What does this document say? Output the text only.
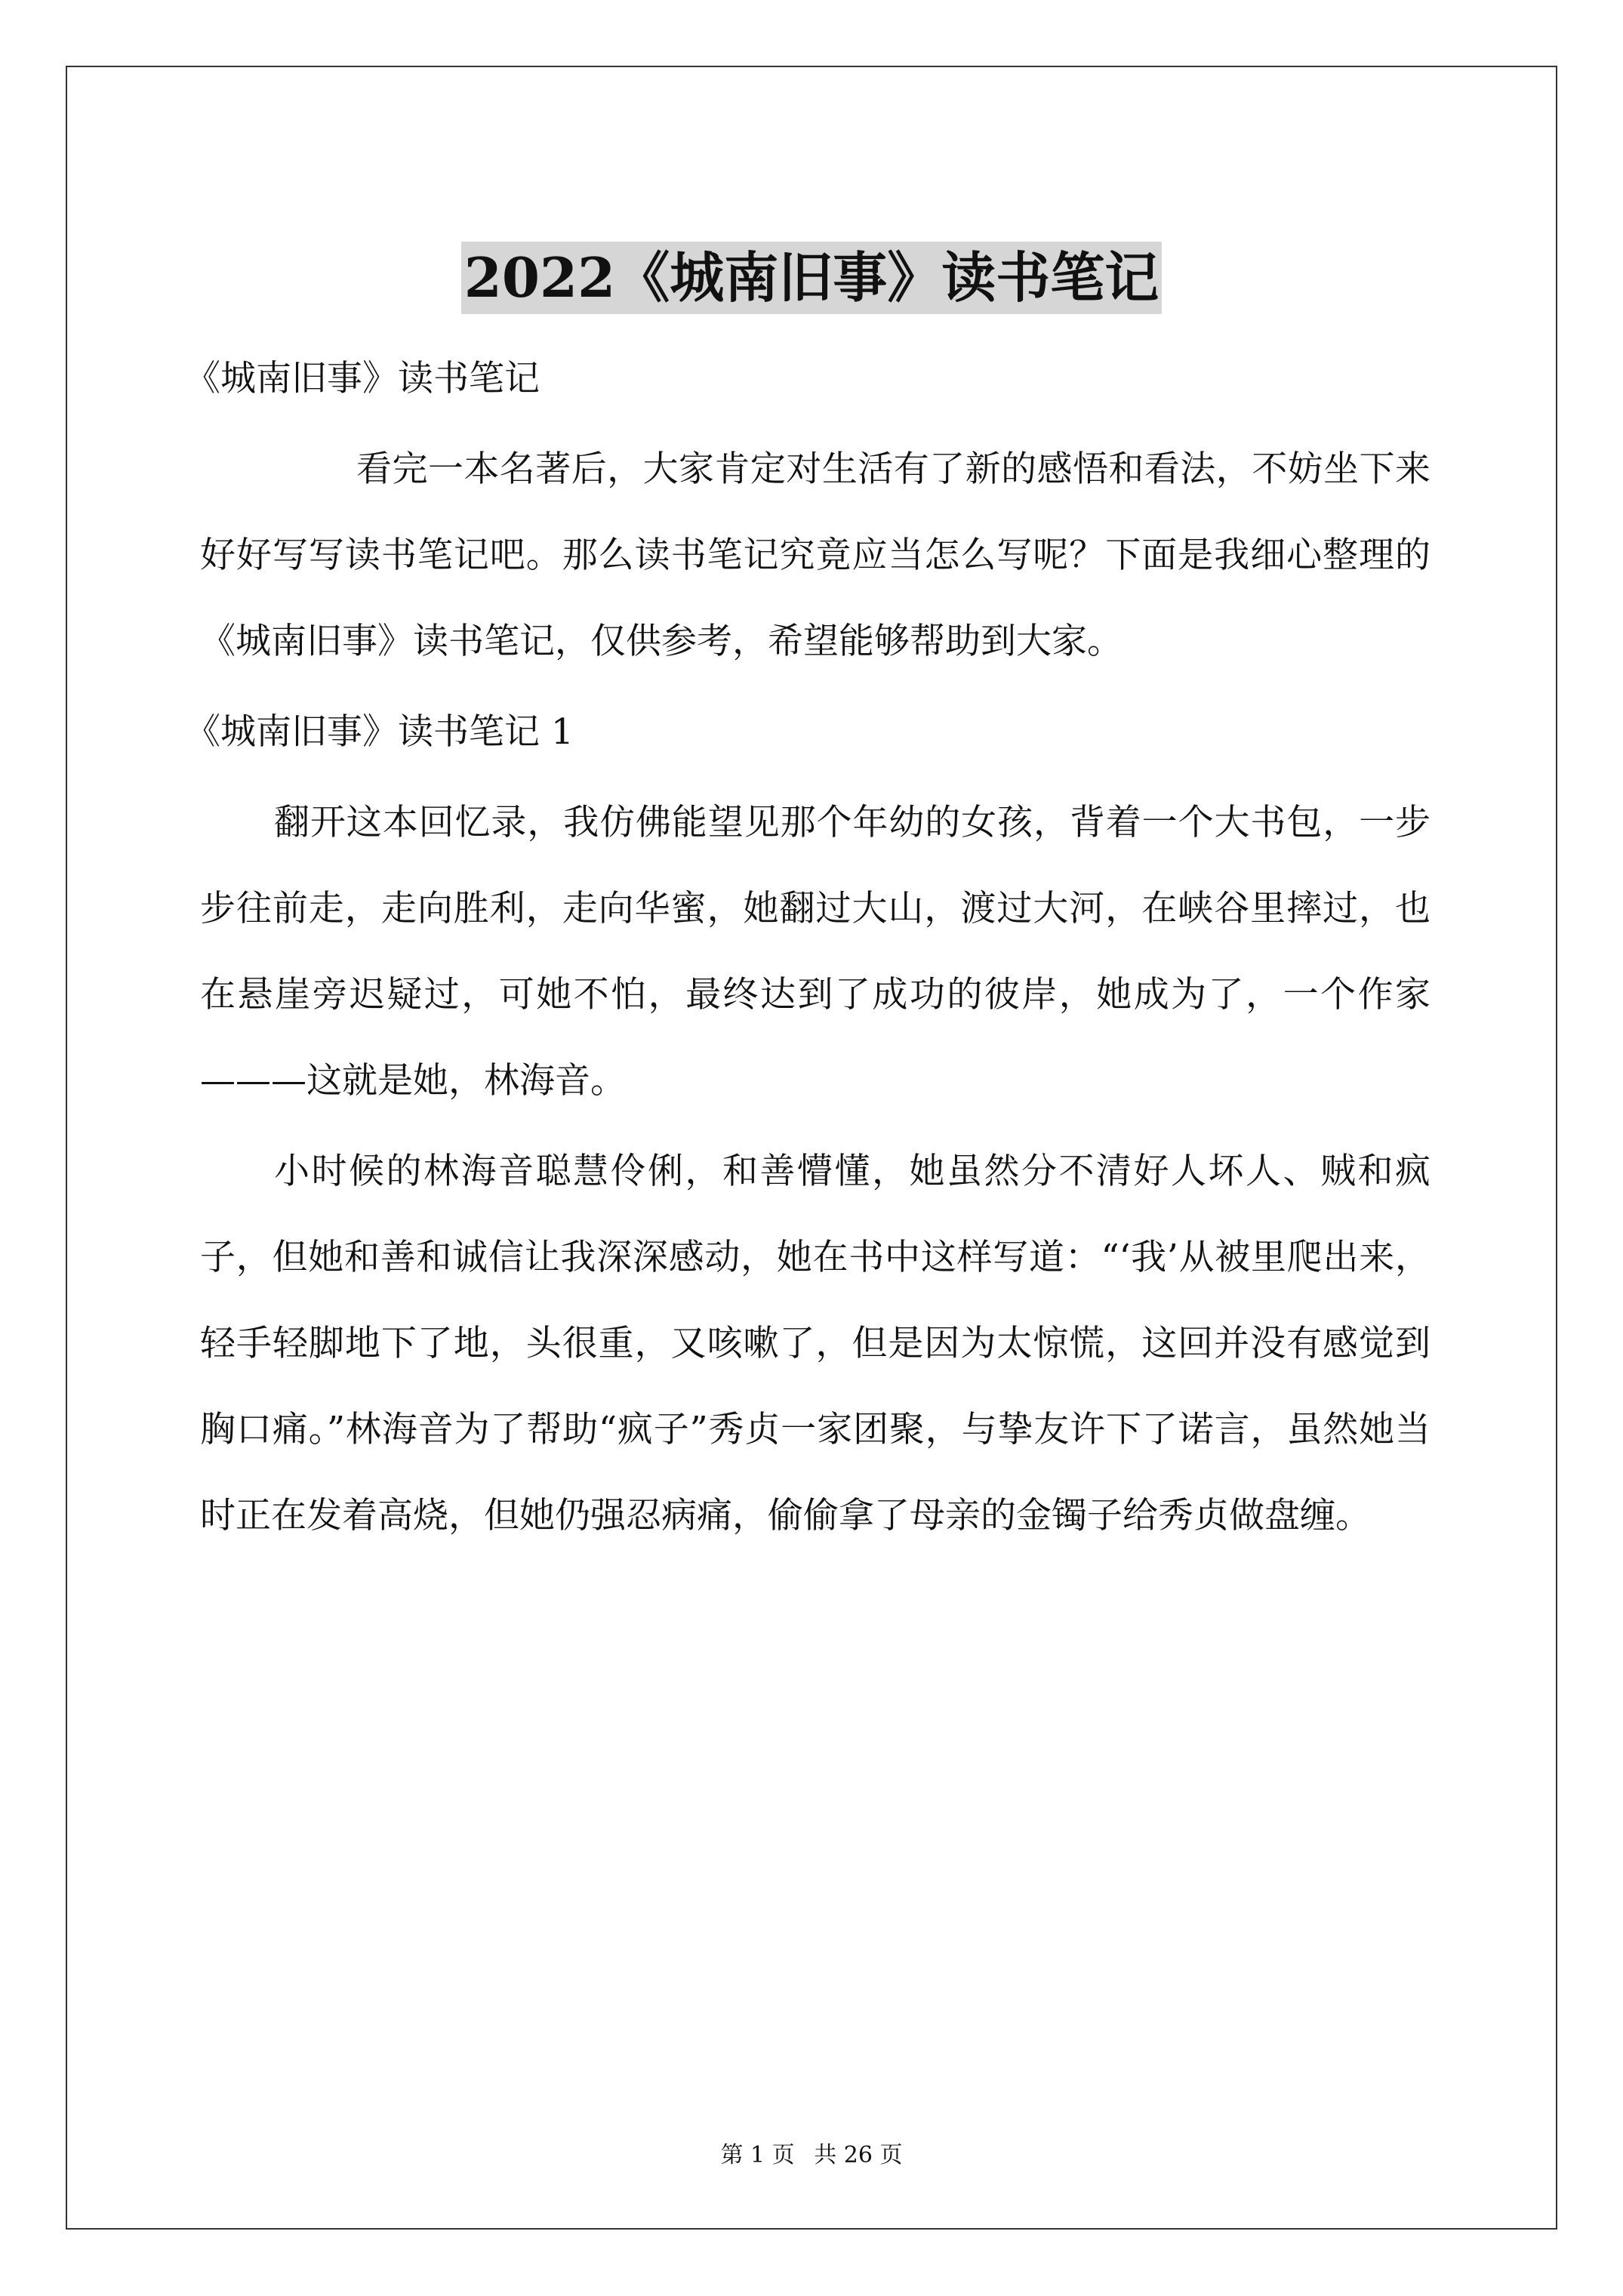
2022《城南旧事》读书笔记

《城南旧事》读书笔记

看完一本名著后，大家肯定对生活有了新的感悟和看法，不妨坐下来好好写写读书笔记吧。那么读书笔记究竟应当怎么写呢？下面是我细心整理的《城南旧事》读书笔记，仅供参考，希望能够帮助到大家。

《城南旧事》读书笔记 1

翻开这本回忆录，我仿佛能望见那个年幼的女孩，背着一个大书包，一步步往前走，走向胜利，走向华蜜，她翻过大山，渡过大河，在峡谷里摔过，也在悬崖旁迟疑过，可她不怕，最终达到了成功的彼岸，她成为了，一个作家———这就是她，林海音。

小时候的林海音聪慧伶俐，和善懵懂，她虽然分不清好人坏人、贼和疯子，但她和善和诚信让我深深感动，她在书中这样写道：“‘我’从被里爬出来，轻手轻脚地下了地，头很重，又咳嗽了，但是因为太惊慌，这回并没有感觉到胸口痛。”林海音为了帮助“疯子”秀贞一家团聚，与挚友许下了诺言，虽然她当时正在发着高烧，但她仍强忍病痛，偷偷拿了母亲的金镯子给秀贞做盘缠。

第 1 页 共 26 页
